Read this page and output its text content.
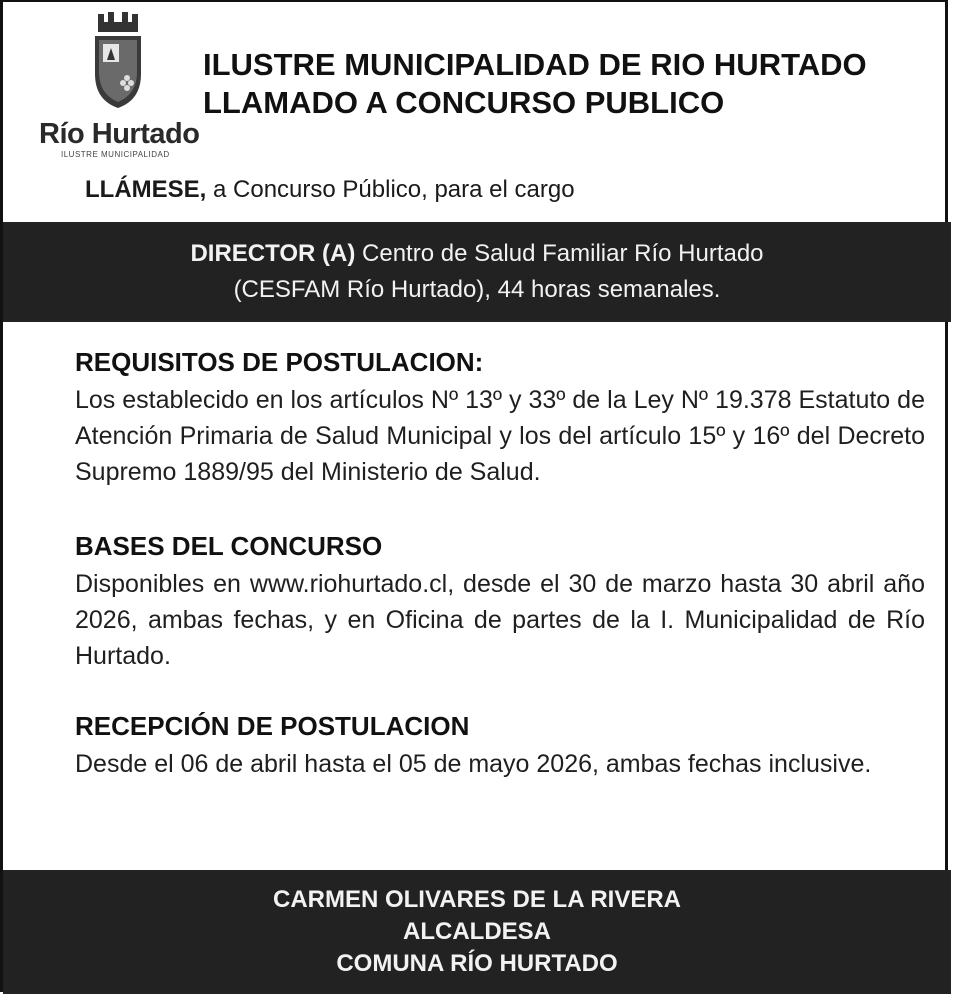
Río Hurtado
ILUSTRE MUNICIPALIDAD
ILUSTRE MUNICIPALIDAD DE RIO HURTADO
LLAMADO A CONCURSO PUBLICO
LLÁMESE, a Concurso Público, para el cargo
DIRECTOR (A) Centro de Salud Familiar Río Hurtado
(CESFAM Río Hurtado), 44 horas semanales.
REQUISITOS DE POSTULACION:

Los establecido en los artículos Nº 13º y 33º de la Ley Nº 19.378 Estatuto de Atención Primaria de Salud Municipal y los del artículo 15º y 16º del Decreto Supremo 1889/95 del Ministerio de Salud.

BASES DEL CONCURSO

Disponibles en www.riohurtado.cl, desde el 30 de marzo hasta 30 abril año 2026, ambas fechas, y en Oficina de partes de la I. Municipalidad de Río Hurtado.

RECEPCIÓN DE POSTULACION

Desde el 06 de abril hasta el 05 de mayo 2026, ambas fechas inclusive.

CARMEN OLIVARES DE LA RIVERA
ALCALDESA
COMUNA RÍO HURTADO
